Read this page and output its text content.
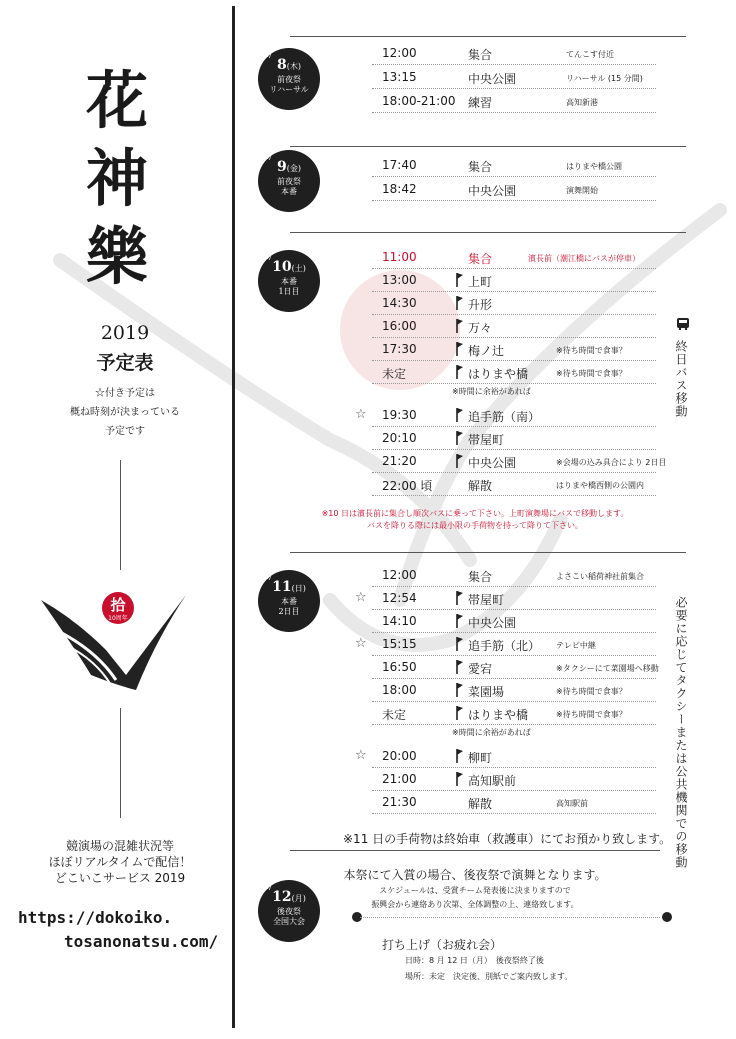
花
神
樂
2019
予定表
☆付き予定は
概ね時刻が決まっている
予定です
拾
10周年
競演場の混雑状況等
ほぼリアルタイムで配信！
どこいこサービス 2019
https://dokoiko.
tosanonatsu.com/
8/
8(木)
前夜祭
リハーサル
12:00	集合	てんこす付近
13:15	中央公園	リハーサル (15 分間)
18:00-21:00 練習	高知新港
8/
9(金)
前夜祭
本番
17:40	集合	はりまや橋公園
18:42	中央公園	演舞開始
8/
10(土)
本番
1日目
11:00	集合	濱長前（潮江橋にバスが停車）
13:00	上町
14:30	升形
16:00	万々
17:30	梅ノ辻	※待ち時間で食事？
未定	はりまや橋	※待ち時間で食事？
※時間に余裕があれば
19:30	追手筋（南）
☆
20:10	帯屋町
21:20	中央公園	※会場の込み具合により 2日目
22:00 頃	解散	はりまや橋西側の公園内
※10 日は濱長前に集合し順次バスに乗って下さい。上町演舞場にバスで移動します。
バスを降りる際には最小限の手荷物を持って降りて下さい。
8/
11(日)
本番
2日目
12:00	集合	よさこい稲荷神社前集合
12:54	帯屋町
☆
14:10	中央公園
15:15	追手筋（北） テレビ中継
☆
16:50	愛宕	※タクシーにて菜園場へ移動
18:00	菜園場	※待ち時間で食事？
未定	はりまや橋	※待ち時間で食事？
※時間に余裕があれば
20:00	柳町
☆
21:00	高知駅前
21:30	解散	高知駅前
8/
12(月)
後夜祭
全国大会
終日バス移動
必要に応じてタクシーまたは公共機関での移動
※11 日の手荷物は終始車（救護車）にてお預かり致します。
本祭にて入賞の場合、後夜祭で演舞となります。
スケジュールは、受賞チーム発表後に決まりますので
振興会から連絡あり次第、全体調整の上、連絡致します。
打ち上げ（お疲れ会）
日時：8 月 12 日（月）　後夜祭終了後
場所：未定　決定後、別紙でご案内致します。
